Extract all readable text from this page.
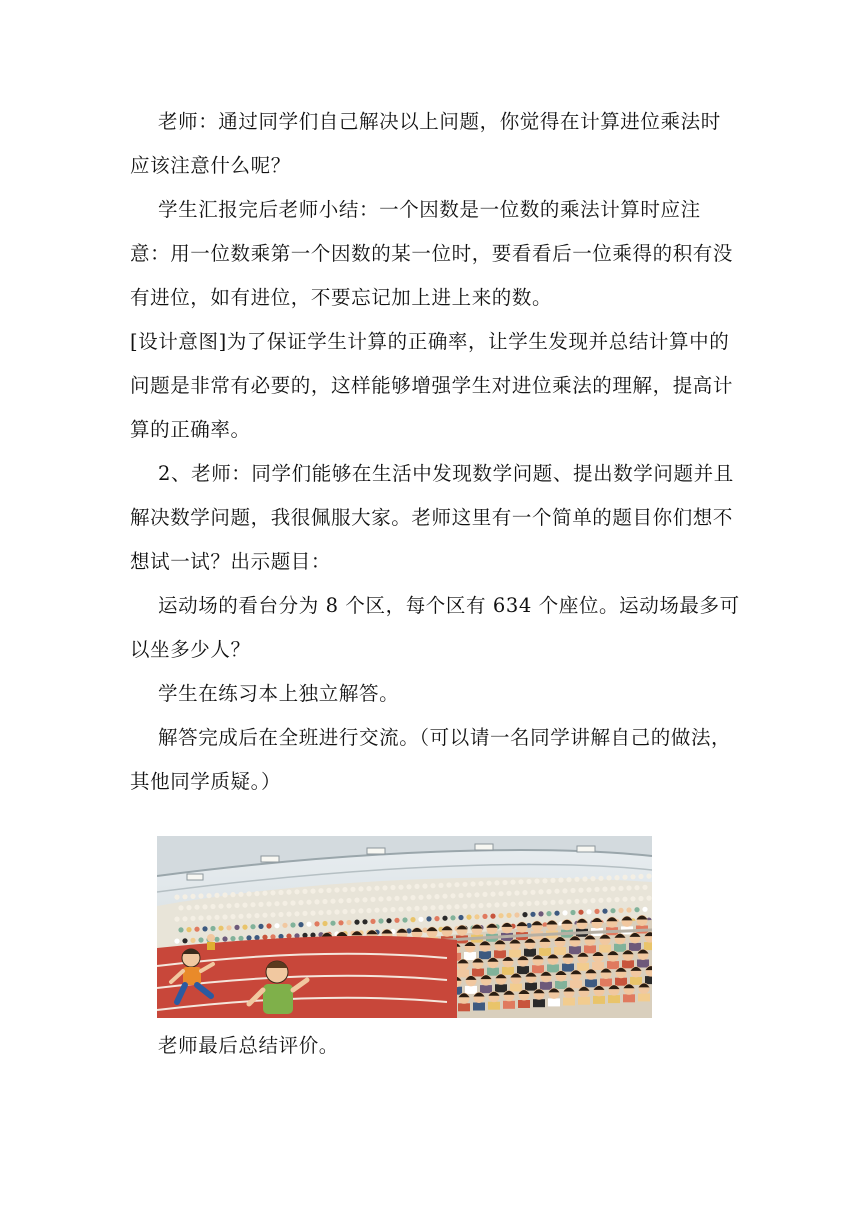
老师：通过同学们自己解决以上问题，你觉得在计算进位乘法时应该注意什么呢？

学生汇报完后老师小结：一个因数是一位数的乘法计算时应注意：用一位数乘第一个因数的某一位时，要看看后一位乘得的积有没有进位，如有进位，不要忘记加上进上来的数。

[设计意图]为了保证学生计算的正确率，让学生发现并总结计算中的问题是非常有必要的，这样能够增强学生对进位乘法的理解，提高计算的正确率。

2、老师：同学们能够在生活中发现数学问题、提出数学问题并且解决数学问题，我很佩服大家。老师这里有一个简单的题目你们想不想试一试？出示题目：

运动场的看台分为 8 个区，每个区有 634 个座位。运动场最多可以坐多少人？

学生在练习本上独立解答。

解答完成后在全班进行交流。（可以请一名同学讲解自己的做法，其他同学质疑。）

老师最后总结评价。
